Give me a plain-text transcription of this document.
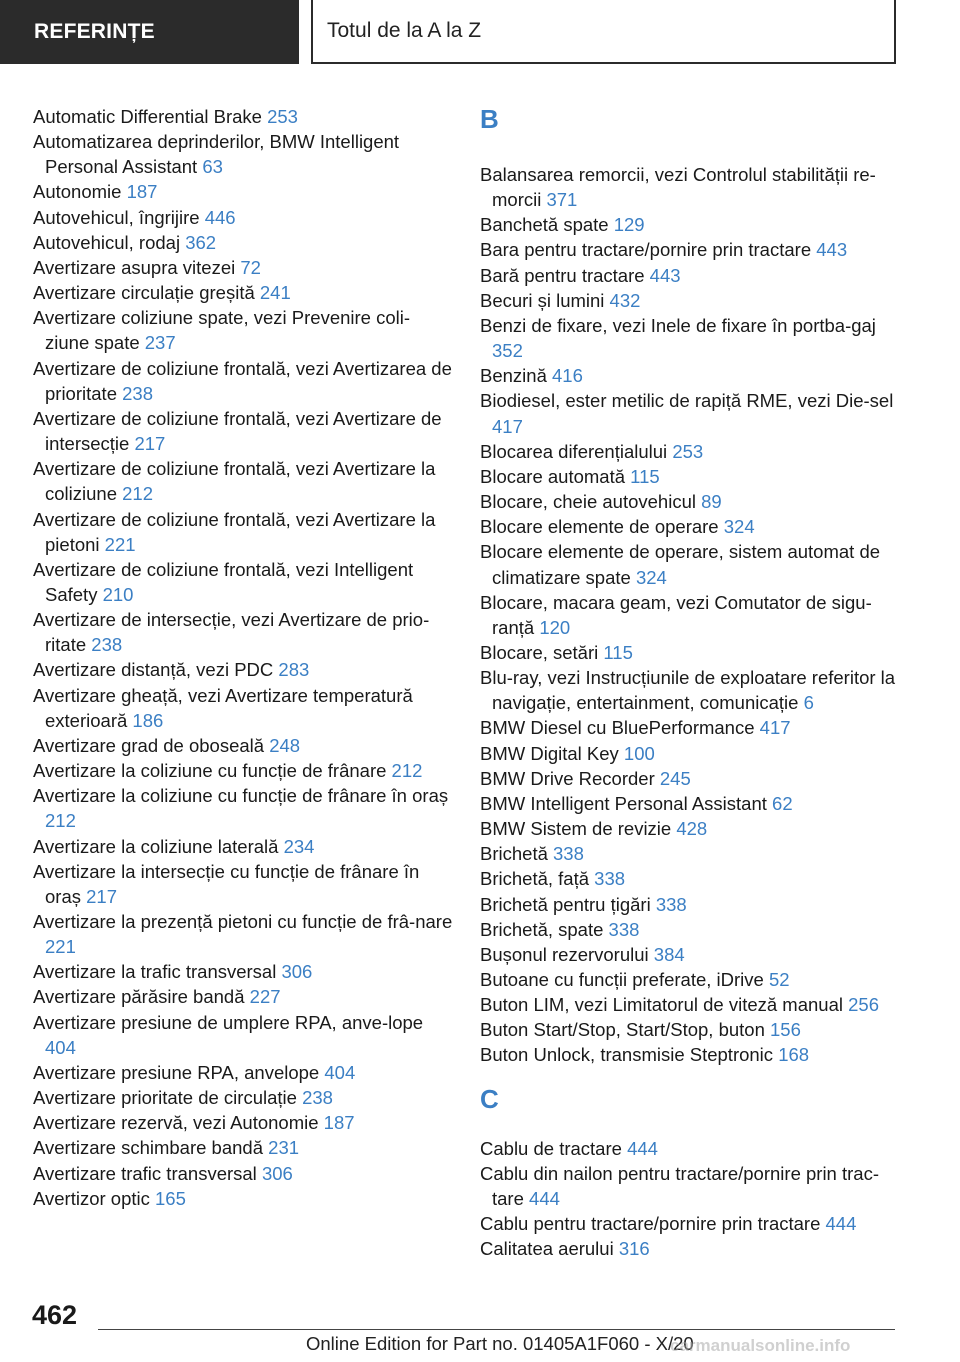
REFERINȚE	Totul de la A la Z

Automatic Differential Brake 253

Automatizarea deprinderilor, BMW Intelligent Personal Assistant 63

Autonomie 187

Autovehicul, îngrijire 446

Autovehicul, rodaj 362

Avertizare asupra vitezei 72

Avertizare circulație greșită 241

Avertizare coliziune spate, vezi Prevenire coli-ziune spate 237

Avertizare de coliziune frontală, vezi Avertizarea de prioritate 238

Avertizare de coliziune frontală, vezi Avertizare de intersecție 217

Avertizare de coliziune frontală, vezi Avertizare la coliziune 212

Avertizare de coliziune frontală, vezi Avertizare la pietoni 221

Avertizare de coliziune frontală, vezi Intelligent Safety 210

Avertizare de intersecție, vezi Avertizare de prio-ritate 238

Avertizare distanță, vezi PDC 283

Avertizare gheață, vezi Avertizare temperatură exterioară 186

Avertizare grad de oboseală 248

Avertizare la coliziune cu funcție de frânare 212

Avertizare la coliziune cu funcție de frânare în oraș 212

Avertizare la coliziune laterală 234

Avertizare la intersecție cu funcție de frânare în oraș 217

Avertizare la prezență pietoni cu funcție de frâ-nare 221

Avertizare la trafic transversal 306

Avertizare părăsire bandă 227

Avertizare presiune de umplere RPA, anve-lope 404

Avertizare presiune RPA, anvelope 404

Avertizare prioritate de circulație 238

Avertizare rezervă, vezi Autonomie 187

Avertizare schimbare bandă 231

Avertizare trafic transversal 306

Avertizor optic 165

B

Balansarea remorcii, vezi Controlul stabilității re-morcii 371

Banchetă spate 129

Bara pentru tractare/pornire prin tractare 443

Bară pentru tractare 443

Becuri și lumini 432

Benzi de fixare, vezi Inele de fixare în portba-gaj 352

Benzină 416

Biodiesel, ester metilic de rapiță RME, vezi Die-sel 417

Blocarea diferențialului 253

Blocare automată 115

Blocare, cheie autovehicul 89

Blocare elemente de operare 324

Blocare elemente de operare, sistem automat de climatizare spate 324

Blocare, macara geam, vezi Comutator de sigu-ranță 120

Blocare, setări 115

Blu-ray, vezi Instrucțiunile de exploatare referitor la navigație, entertainment, comunicație 6

BMW Diesel cu BluePerformance 417

BMW Digital Key 100

BMW Drive Recorder 245

BMW Intelligent Personal Assistant 62

BMW Sistem de revizie 428

Brichetă 338

Brichetă, față 338

Brichetă pentru țigări 338

Brichetă, spate 338

Bușonul rezervorului 384

Butoane cu funcții preferate, iDrive 52

Buton LIM, vezi Limitatorul de viteză manual 256

Buton Start/Stop, Start/Stop, buton 156

Buton Unlock, transmisie Steptronic 168

C

Cablu de tractare 444

Cablu din nailon pentru tractare/pornire prin trac-tare 444

Cablu pentru tractare/pornire prin tractare 444

Calitatea aerului 316

462
Online Edition for Part no. 01405A1F060 - X/20
carmanualsonline.info
